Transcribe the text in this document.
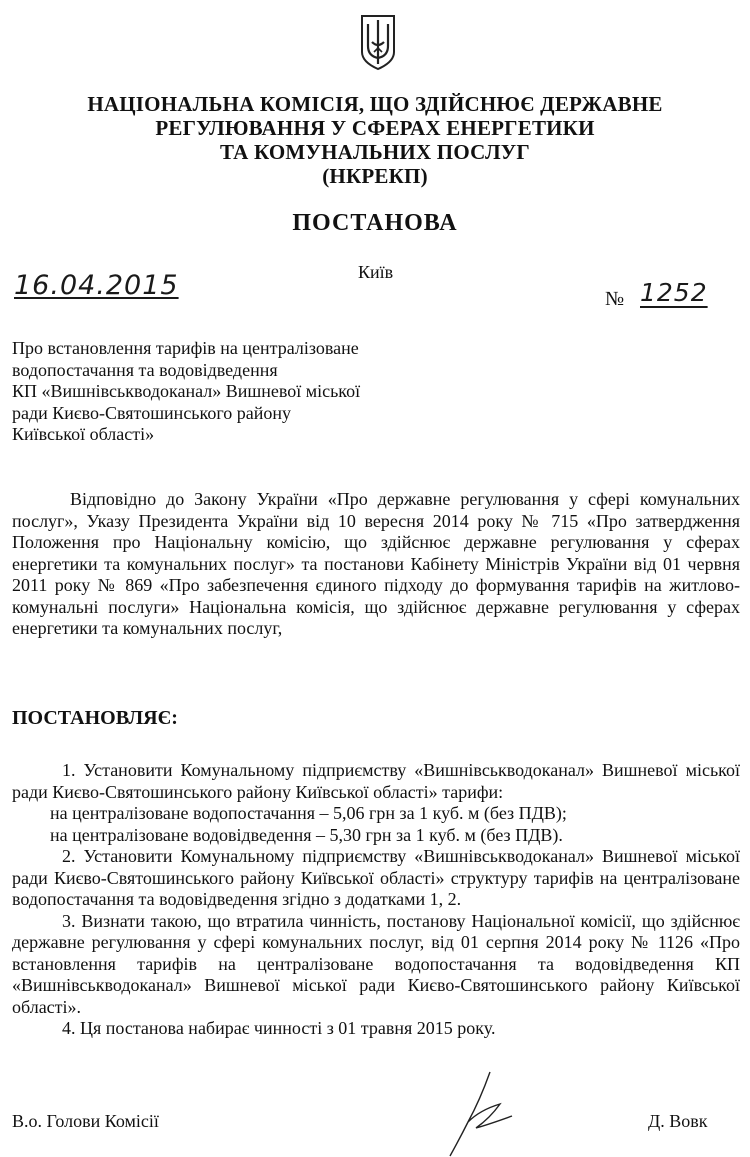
НАЦІОНАЛЬНА КОМІСІЯ, ЩО ЗДІЙСНЮЄ ДЕРЖАВНЕ
РЕГУЛЮВАННЯ У СФЕРАХ ЕНЕРГЕТИКИ
ТА КОМУНАЛЬНИХ ПОСЛУГ
(НКРЕКП)
ПОСТАНОВА
Київ
16.04.2015	№ 1252
Про встановлення тарифів на централізоване
водопостачання та водовідведення
КП «Вишнівськводоканал» Вишневої міської
ради Києво-Святошинського району
Київської області»
Відповідно до Закону України «Про державне регулювання у сфері комунальних послуг», Указу Президента України від 10 вересня 2014 року № 715 «Про затвердження Положення про Національну комісію, що здійснює державне регулювання у сферах енергетики та комунальних послуг» та постанови Кабінету Міністрів України від 01 червня 2011 року № 869 «Про забезпечення єдиного підходу до формування тарифів на житлово-комунальні послуги» Національна комісія, що здійснює державне регулювання у сферах енергетики та комунальних послуг,
ПОСТАНОВЛЯЄ:

1. Установити Комунальному підприємству «Вишнівськводоканал» Вишневої міської ради Києво-Святошинського району Київської області» тарифи:

на централізоване водопостачання – 5,06 грн за 1 куб. м (без ПДВ);

на централізоване водовідведення – 5,30 грн за 1 куб. м (без ПДВ).

2. Установити Комунальному підприємству «Вишнівськводоканал» Вишневої міської ради Києво-Святошинського району Київської області» структуру тарифів на централізоване водопостачання та водовідведення згідно з додатками 1, 2.

3. Визнати такою, що втратила чинність, постанову Національної комісії, що здійснює державне регулювання у сфері комунальних послуг, від 01 серпня 2014 року № 1126 «Про встановлення тарифів на централізоване водопостачання та водовідведення КП «Вишнівськводоканал» Вишневої міської ради Києво-Святошинського району Київської області».

4. Ця постанова набирає чинності з 01 травня 2015 року.

В.о. Голови Комісії	Д. Вовк
